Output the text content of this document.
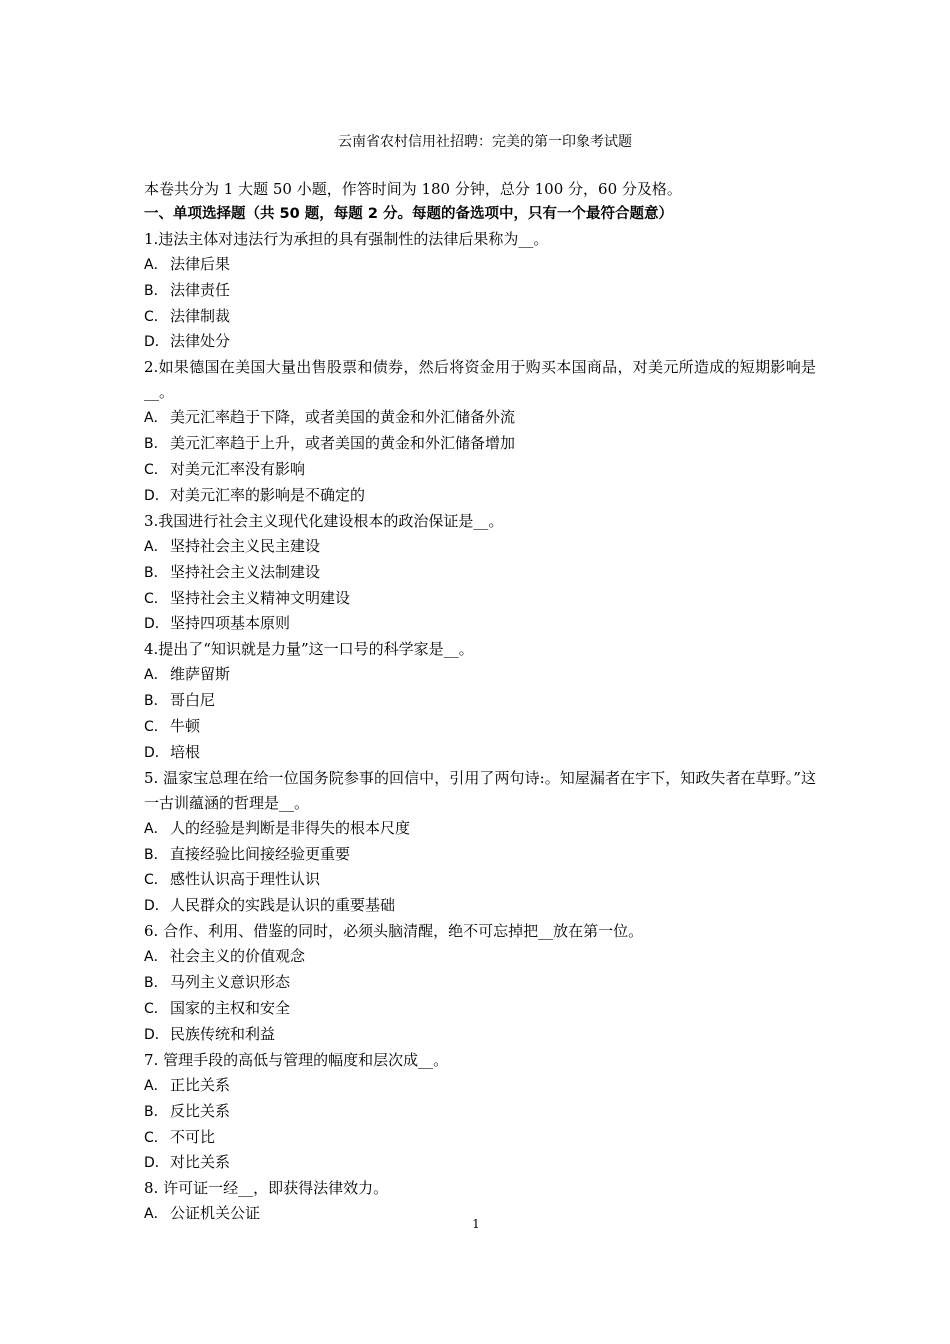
云南省农村信用社招聘：完美的第一印象考试题
本卷共分为 1 大题 50 小题，作答时间为 180 分钟，总分 100 分，60 分及格。
一、单项选择题（共 50 题，每题 2 分。每题的备选项中，只有一个最符合题意）
1.违法主体对违法行为承担的具有强制性的法律后果称为__。
A． 法律后果
B． 法律责任
C． 法律制裁
D．法律处分
2.如果德国在美国大量出售股票和债券，然后将资金用于购买本国商品，对美元所造成的短期影响是__。
A． 美元汇率趋于下降，或者美国的黄金和外汇储备外流
B． 美元汇率趋于上升，或者美国的黄金和外汇储备增加
C． 对美元汇率没有影响
D．对美元汇率的影响是不确定的
3.我国进行社会主义现代化建设根本的政治保证是__。
A． 坚持社会主义民主建设
B． 坚持社会主义法制建设
C． 坚持社会主义精神文明建设
D．坚持四项基本原则
4.提出了“知识就是力量”这一口号的科学家是__。
A． 维萨留斯
B． 哥白尼
C． 牛顿
D．培根
5. 温家宝总理在给一位国务院参事的回信中，引用了两句诗:。知屋漏者在宇下，知政失者在草野。”这一古训蕴涵的哲理是__。
A． 人的经验是判断是非得失的根本尺度
B． 直接经验比间接经验更重要
C． 感性认识高于理性认识
D．人民群众的实践是认识的重要基础
6. 合作、利用、借鉴的同时，必须头脑清醒，绝不可忘掉把__放在第一位。
A． 社会主义的价值观念
B． 马列主义意识形态
C． 国家的主权和安全
D．民族传统和利益
7. 管理手段的高低与管理的幅度和层次成__。
A． 正比关系
B． 反比关系
C． 不可比
D．对比关系
8. 许可证一经__，即获得法律效力。
A． 公证机关公证
1
